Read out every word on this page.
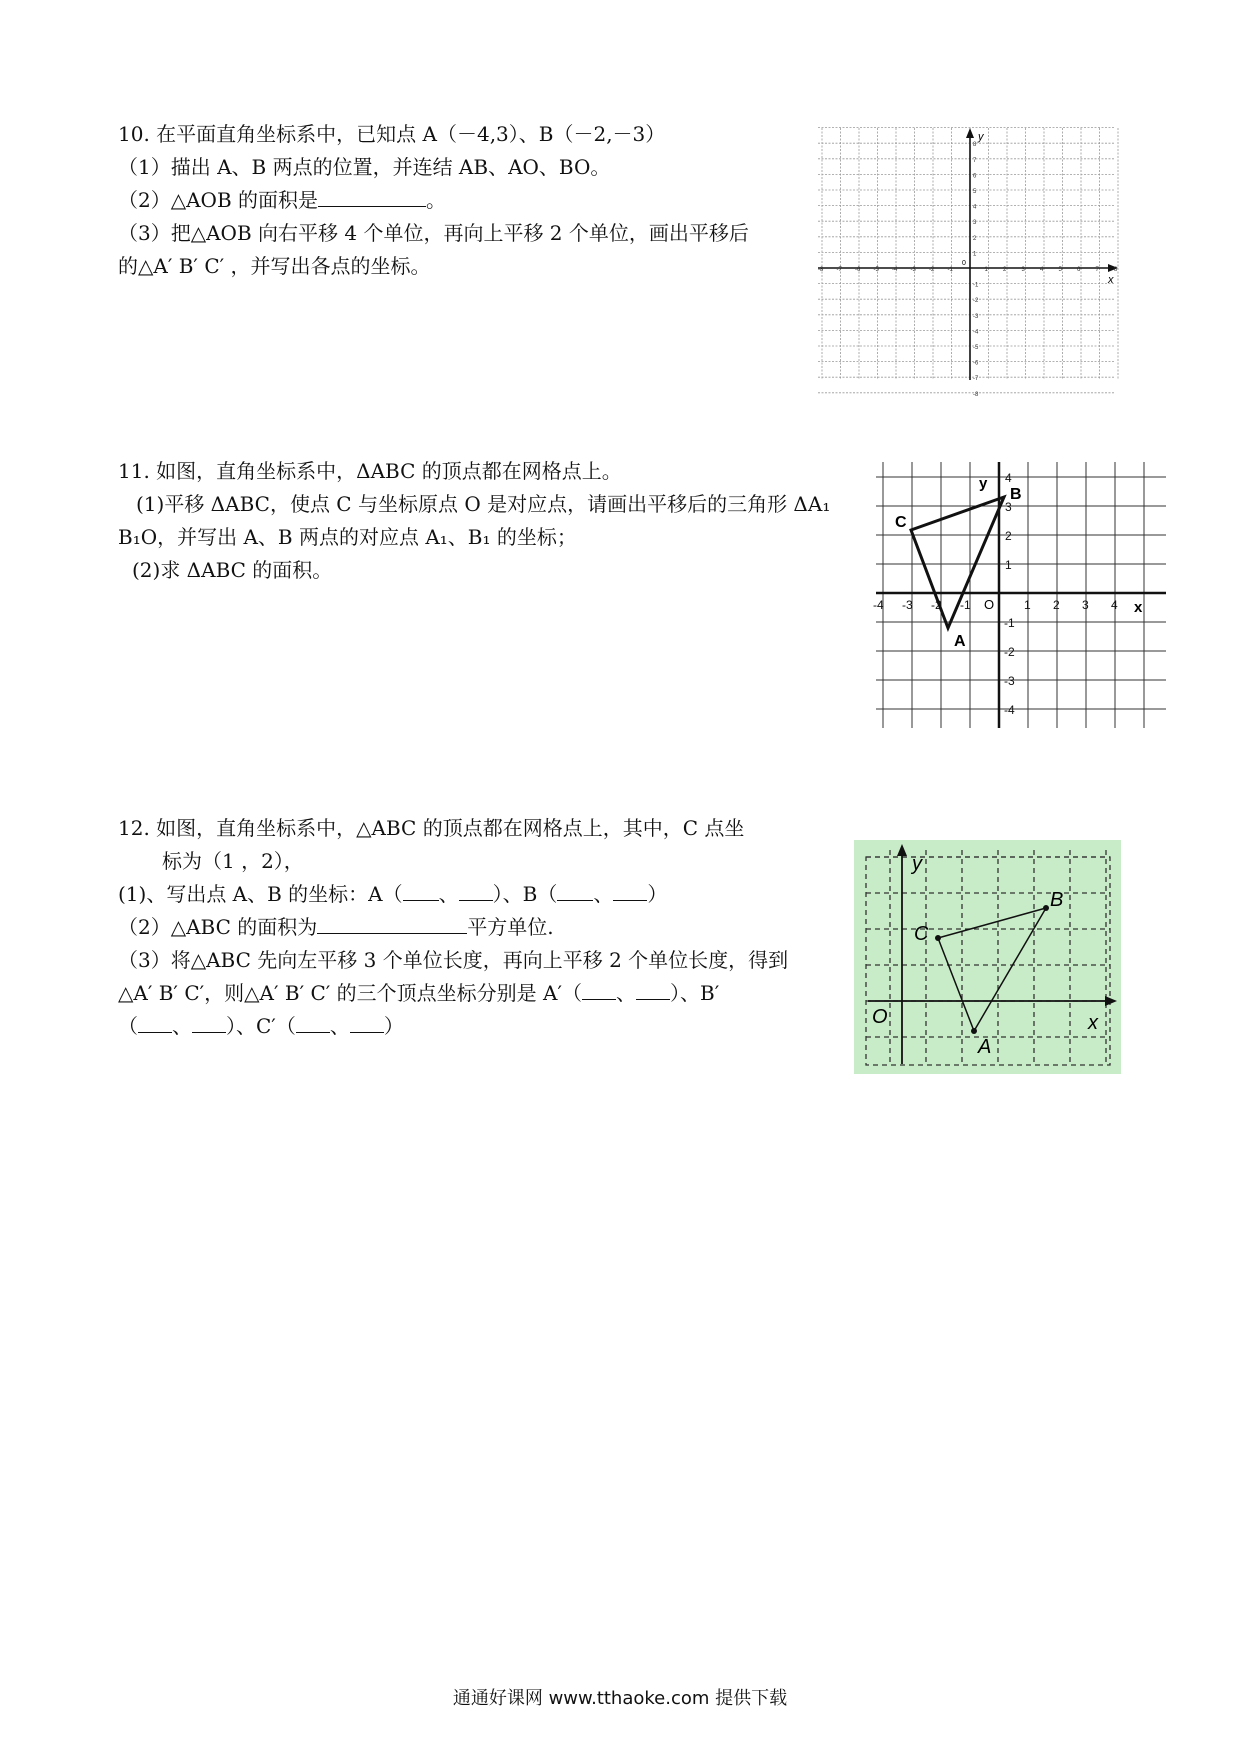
10. 在平面直角坐标系中，已知点 A（－4,3）、B（－2,－3）

（1）描出 A、B 两点的位置，并连结 AB、AO、BO。

（2）△AOB 的面积是	。

（3）把△AOB 向右平移 4 个单位，再向上平移 2 个单位，画出平移后

的△A′ B′ C′ ，并写出各点的坐标。

y
x
0
-8 -7 -6 -5 -4 -3 -2 -1	1	2	3	4	5	6	7	8
8
7
6
5
4
3
2
1
-1
-2
-3
-4
-5
-6
-7
-8

11. 如图，直角坐标系中，ΔABC 的顶点都在网格点上。

(1)平移 ΔABC，使点 C 与坐标原点 O 是对应点，请画出平移后的三角形 ΔA₁

B₁O，并写出 A、B 两点的对应点 A₁、B₁ 的坐标；

(2)求 ΔABC 的面积。

y
x
O
A
B
C
-4 -3 -2 -1	1 2 3 4
4
3
2
1
-1
-2
-3
-4

12. 如图，直角坐标系中，△ABC 的顶点都在网格点上，其中，C 点坐

标为（1 ，2），

(1)、写出点 A、B 的坐标：A（ 、 ）、B（ 、 ）

（2）△ABC 的面积为	平方单位.

（3）将△ABC 先向左平移 3 个单位长度，再向上平移 2 个单位长度，得到

△A′ B′ C′，则△A′ B′ C′ 的三个顶点坐标分别是 A′（ 、 ）、B′

（ 、 ）、C′（ 、 ）

y
x
O
A
B
C
通通好课网 www.tthaoke.com 提供下载
